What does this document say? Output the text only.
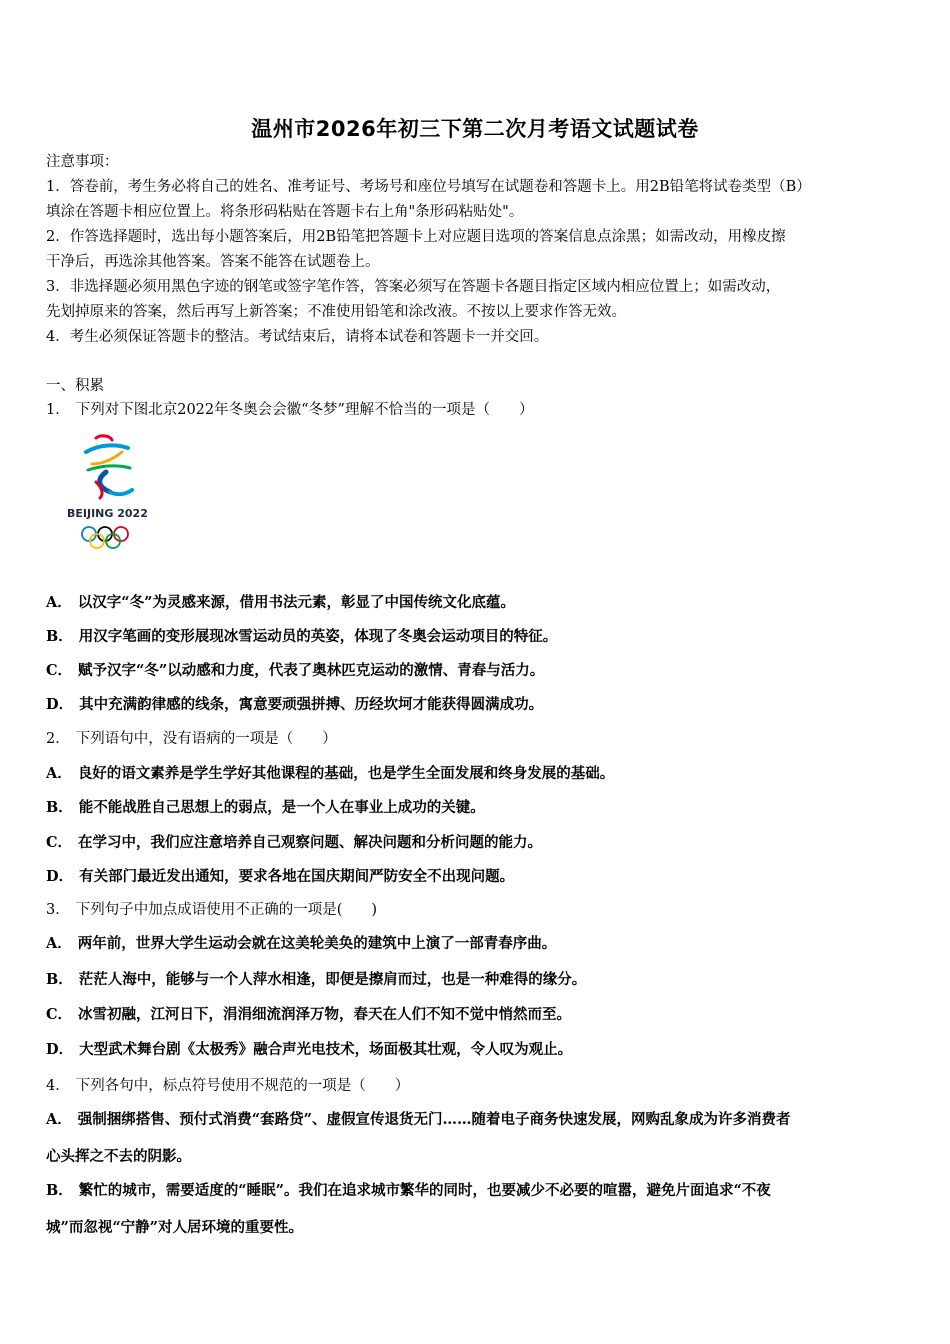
温州市2026年初三下第二次月考语文试题试卷
注意事项：
1．答卷前，考生务必将自己的姓名、准考证号、考场号和座位号填写在试题卷和答题卡上。用2B铅笔将试卷类型（B）
填涂在答题卡相应位置上。将条形码粘贴在答题卡右上角"条形码粘贴处"。
2．作答选择题时，选出每小题答案后，用2B铅笔把答题卡上对应题目选项的答案信息点涂黑；如需改动，用橡皮擦
干净后，再选涂其他答案。答案不能答在试题卷上。
3．非选择题必须用黑色字迹的钢笔或签字笔作答，答案必须写在答题卡各题目指定区域内相应位置上；如需改动，
先划掉原来的答案，然后再写上新答案；不准使用铅笔和涂改液。不按以上要求作答无效。
4．考生必须保证答题卡的整洁。考试结束后，请将本试卷和答题卡一并交回。
一、积累
1． 下列对下图北京2022年冬奥会会徽“冬梦”理解不恰当的一项是（　　）
BEIJING 2022
A． 以汉字“冬”为灵感来源，借用书法元素，彰显了中国传统文化底蕴。
B． 用汉字笔画的变形展现冰雪运动员的英姿，体现了冬奥会运动项目的特征。
C． 赋予汉字“冬”以动感和力度，代表了奥林匹克运动的激情、青春与活力。
D． 其中充满韵律感的线条，寓意要顽强拼搏、历经坎坷才能获得圆满成功。
2． 下列语句中，没有语病的一项是（　　）
A． 良好的语文素养是学生学好其他课程的基础，也是学生全面发展和终身发展的基础。
B． 能不能战胜自己思想上的弱点，是一个人在事业上成功的关键。
C． 在学习中，我们应注意培养自己观察问题、解决问题和分析问题的能力。
D． 有关部门最近发出通知，要求各地在国庆期间严防安全不出现问题。
3． 下列句子中加点成语使用不正确的一项是(　　)
A． 两年前，世界大学生运动会就在这美轮美奂的建筑中上演了一部青春序曲。
B． 茫茫人海中，能够与一个人萍水相逢，即便是擦肩而过，也是一种难得的缘分。
C． 冰雪初融，江河日下，涓涓细流润泽万物，春天在人们不知不觉中悄然而至。
D． 大型武术舞台剧《太极秀》融合声光电技术，场面极其壮观，令人叹为观止。
4． 下列各句中，标点符号使用不规范的一项是（　　）
A． 强制捆绑搭售、预付式消费“套路贷”、虚假宣传退货无门……随着电子商务快速发展，网购乱象成为许多消费者
心头挥之不去的阴影。
B． 繁忙的城市，需要适度的“睡眠”。我们在追求城市繁华的同时，也要减少不必要的喧嚣，避免片面追求“不夜
城”而忽视“宁静”对人居环境的重要性。
